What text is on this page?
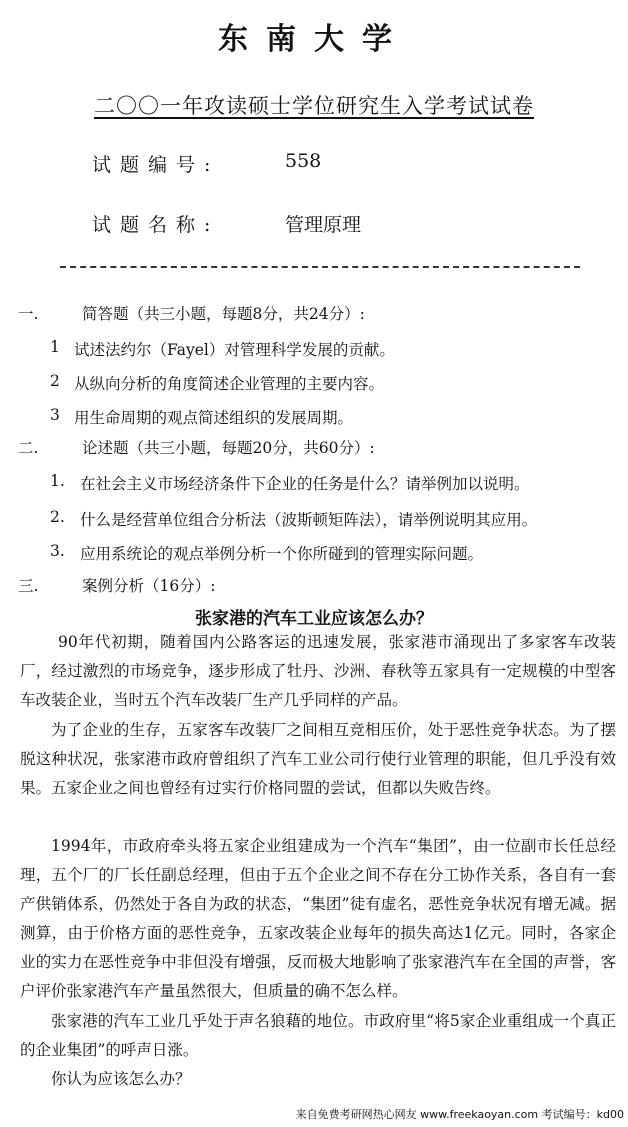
东南大学
二〇〇一年攻读硕士学位研究生入学考试试卷
试题编号:	558
试题名称:	管理原理
一.	简答题（共三小题，每题8分，共24分）:
1 试述法约尔（Fayel）对管理科学发展的贡献。
2 从纵向分析的角度简述企业管理的主要内容。
3 用生命周期的观点简述组织的发展周期。
二.	论述题（共三小题，每题20分，共60分）:
1. 在社会主义市场经济条件下企业的任务是什么？请举例加以说明。
2. 什么是经营单位组合分析法（波斯顿矩阵法），请举例说明其应用。
3. 应用系统论的观点举例分析一个你所碰到的管理实际问题。
三.	案例分析（16分）:
张家港的汽车工业应该怎么办？
90年代初期，随着国内公路客运的迅速发展，张家港市涌现出了多家客车改装厂，经过激烈的市场竞争，逐步形成了牡丹、沙洲、春秋等五家具有一定规模的中型客车改装企业，当时五个汽车改装厂生产几乎同样的产品。
为了企业的生存，五家客车改装厂之间相互竞相压价，处于恶性竞争状态。为了摆脱这种状况，张家港市政府曾组织了汽车工业公司行使行业管理的职能，但几乎没有效果。五家企业之间也曾经有过实行价格同盟的尝试，但都以失败告终。
1994年，市政府牵头将五家企业组建成为一个汽车“集团”，由一位副市长任总经理，五个厂的厂长任副总经理，但由于五个企业之间不存在分工协作关系，各自有一套产供销体系，仍然处于各自为政的状态，“集团”徒有虚名，恶性竞争状况有增无减。据测算，由于价格方面的恶性竞争，五家改装企业每年的损失高达1亿元。同时，各家企业的实力在恶性竞争中非但没有增强，反而极大地影响了张家港汽车在全国的声誉，客户评价张家港汽车产量虽然很大，但质量的确不怎么样。
张家港的汽车工业几乎处于声名狼藉的地位。市政府里“将5家企业重组成一个真正的企业集团”的呼声日涨。
你认为应该怎么办？
来自免费考研网热心网友 www.freekaoyan.com 考试编号：kd00
